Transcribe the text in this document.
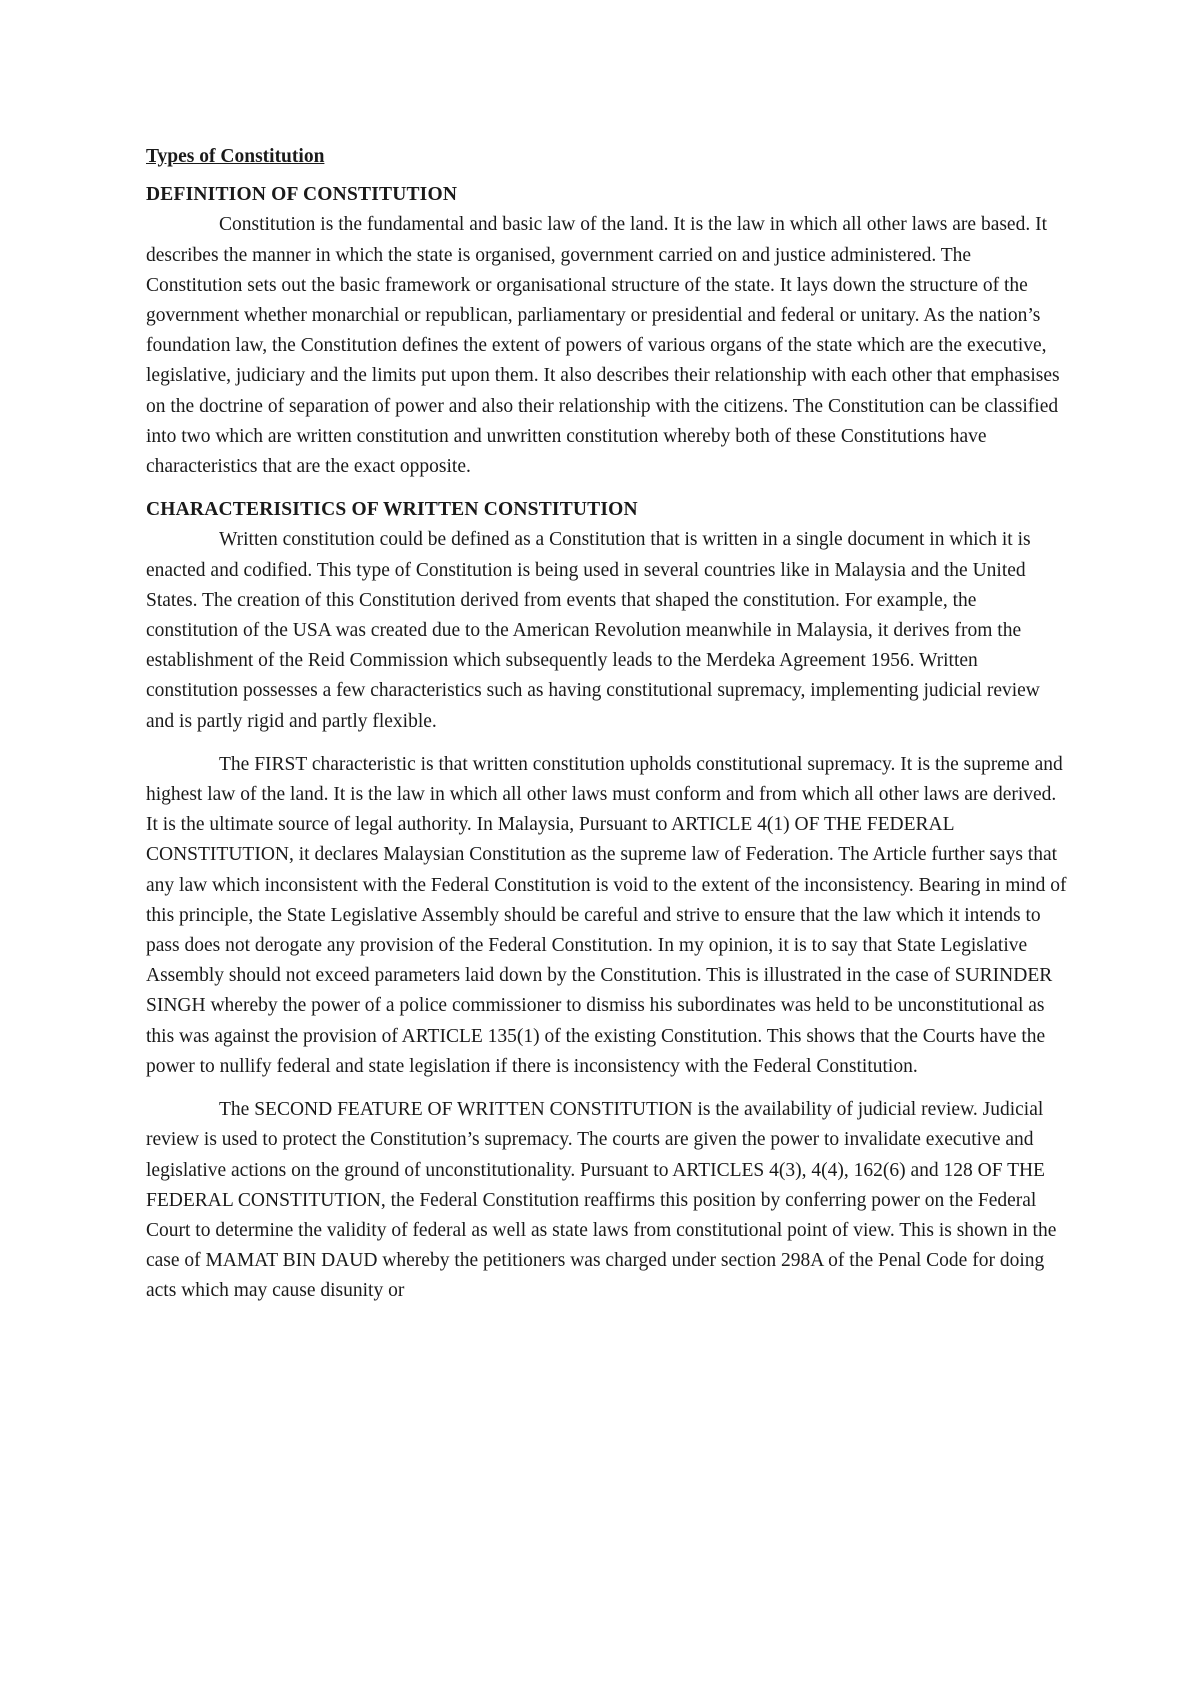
Types of Constitution
DEFINITION OF CONSTITUTION

Constitution is the fundamental and basic law of the land. It is the law in which all other laws are based. It describes the manner in which the state is organised, government carried on and justice administered. The Constitution sets out the basic framework or organisational structure of the state. It lays down the structure of the government whether monarchial or republican, parliamentary or presidential and federal or unitary. As the nation’s foundation law, the Constitution defines the extent of powers of various organs of the state which are the executive, legislative, judiciary and the limits put upon them. It also describes their relationship with each other that emphasises on the doctrine of separation of power and also their relationship with the citizens. The Constitution can be classified into two which are written constitution and unwritten constitution whereby both of these Constitutions have characteristics that are the exact opposite.

CHARACTERISITICS OF WRITTEN CONSTITUTION

Written constitution could be defined as a Constitution that is written in a single document in which it is enacted and codified. This type of Constitution is being used in several countries like in Malaysia and the United States. The creation of this Constitution derived from events that shaped the constitution. For example, the constitution of the USA was created due to the American Revolution meanwhile in Malaysia, it derives from the establishment of the Reid Commission which subsequently leads to the Merdeka Agreement 1956. Written constitution possesses a few characteristics such as having constitutional supremacy, implementing judicial review and is partly rigid and partly flexible.

The FIRST characteristic is that written constitution upholds constitutional supremacy. It is the supreme and highest law of the land. It is the law in which all other laws must conform and from which all other laws are derived. It is the ultimate source of legal authority. In Malaysia, Pursuant to ARTICLE 4(1) OF THE FEDERAL CONSTITUTION, it declares Malaysian Constitution as the supreme law of Federation. The Article further says that any law which inconsistent with the Federal Constitution is void to the extent of the inconsistency. Bearing in mind of this principle, the State Legislative Assembly should be careful and strive to ensure that the law which it intends to pass does not derogate any provision of the Federal Constitution. In my opinion, it is to say that State Legislative Assembly should not exceed parameters laid down by the Constitution. This is illustrated in the case of SURINDER SINGH whereby the power of a police commissioner to dismiss his subordinates was held to be unconstitutional as this was against the provision of ARTICLE 135(1) of the existing Constitution. This shows that the Courts have the power to nullify federal and state legislation if there is inconsistency with the Federal Constitution.

The SECOND FEATURE OF WRITTEN CONSTITUTION is the availability of judicial review. Judicial review is used to protect the Constitution’s supremacy. The courts are given the power to invalidate executive and legislative actions on the ground of unconstitutionality. Pursuant to ARTICLES 4(3), 4(4), 162(6) and 128 OF THE FEDERAL CONSTITUTION, the Federal Constitution reaffirms this position by conferring power on the Federal Court to determine the validity of federal as well as state laws from constitutional point of view. This is shown in the case of MAMAT BIN DAUD whereby the petitioners was charged under section 298A of the Penal Code for doing acts which may cause disunity or
